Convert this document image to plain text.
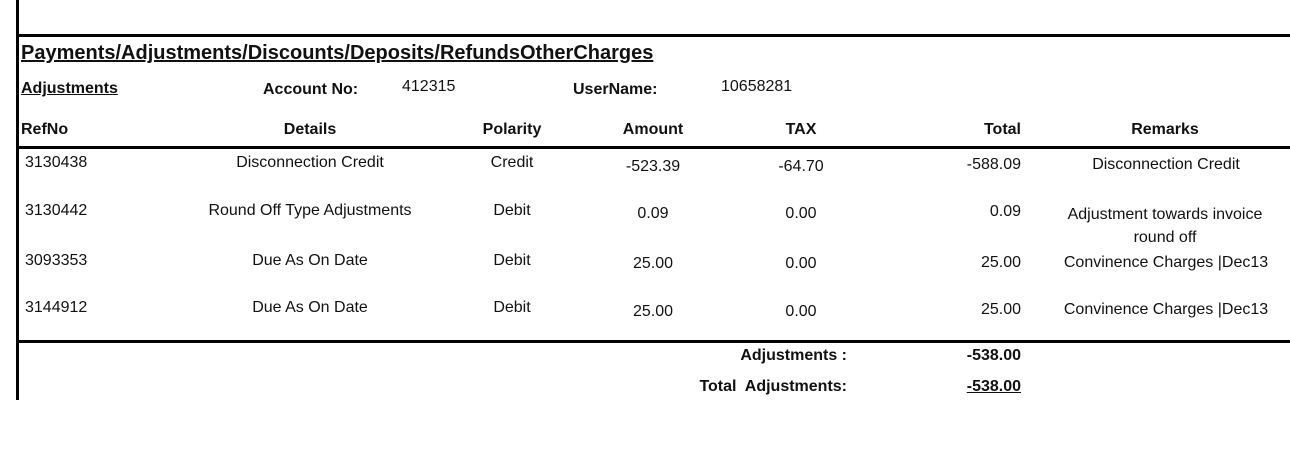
Payments/Adjustments/Discounts/Deposits/RefundsOtherCharges
Adjustments	Account No:	412315	UserName:	10658281
RefNo	Details	Polarity	Amount	TAX	Total	Remarks
3130438	Disconnection Credit	Credit	-523.39	-64.70	-588.09	Disconnection Credit
3130442	Round Off Type Adjustments	Debit	0.09	0.00	0.09	Adjustment towards invoice round off
3093353	Due As On Date	Debit	25.00	0.00	25.00	Convinence Charges |Dec13
3144912	Due As On Date	Debit	25.00	0.00	25.00	Convinence Charges |Dec13
Adjustments :	-538.00
Total  Adjustments:	-538.00
